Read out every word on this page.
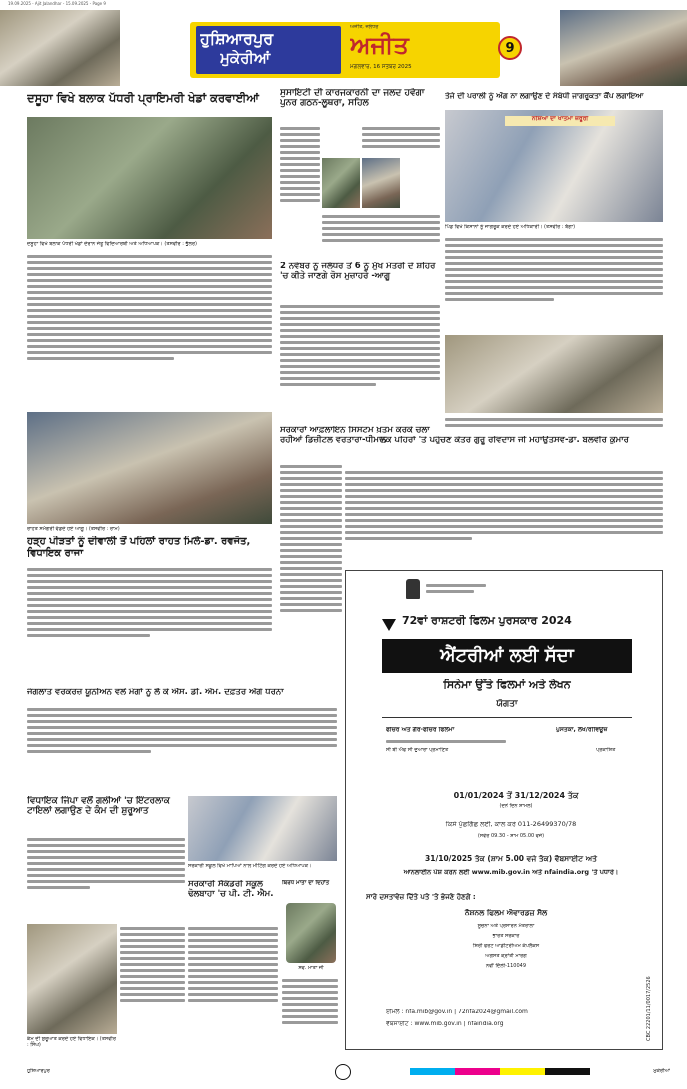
19.09.2025 - Ajit Jalandhar - 15.09.2025 - Page 9
ਹੁਸ਼ਿਆਰਪੁਰ
ਮੁਕੇਰੀਆਂ
ਅਜੀਤ, ਜਲੰਧਰ
ਅਜੀਤ
ਮੰਗਲਵਾਰ, 16 ਸਤੰਬਰ 2025
9
ਦਸੂਹਾ ਵਿਖੇ ਬਲਾਕ ਪੱਧਰੀ ਪ੍ਰਾਇਮਰੀ ਖੇਡਾਂ ਕਰਵਾਈਆਂ
ਦਸੂਹਾ ਵਿਖੇ ਬਲਾਕ ਪੱਧਰੀ ਖੇਡਾਂ ਦੌਰਾਨ ਜੇਤੂ ਵਿਦਿਆਰਥੀ ਅਤੇ ਅਧਿਆਪਕ। (ਤਸਵੀਰ : ਭੁੱਲਰ)
ਰਾਹਤ ਸਮੱਗਰੀ ਵੰਡਦੇ ਹੋਏ ਆਗੂ। (ਤਸਵੀਰ : ਰਾਮ)
ਹੜ੍ਹ ਪੀੜਤਾਂ ਨੂੰ ਦੀਵਾਲੀ ਤੋਂ ਪਹਿਲਾਂ ਰਾਹਤ ਮਿਲੇ-ਡਾ. ਰਵਜੋਤ, ਵਿਧਾਇਕ ਰਾਜਾ
ਜੰਗਲਾਤ ਵਰਕਰਜ਼ ਯੂਨੀਅਨ ਵਲੋਂ ਮੰਗਾਂ ਨੂੰ ਲੈ ਕੇ ਐੱਸ. ਡੀ. ਐਮ. ਦਫ਼ਤਰ ਅੱਗੇ ਧਰਨਾ
ਵਿਧਾਇਕ ਜਿੰਪਾ ਵਲੋਂ ਗਲੀਆਂ 'ਚ ਇੰਟਰਲਾਕ ਟਾਇਲਾਂ ਲਗਾਉਣ ਦੇ ਕੰਮ ਦੀ ਸ਼ੁਰੂਆਤ
ਕੰਮ ਦੀ ਸ਼ੁਰੂਆਤ ਕਰਦੇ ਹੋਏ ਵਿਧਾਇਕ। (ਤਸਵੀਰ : ਸਿੰਘ)
ਸਰਕਾਰੀ ਸਕੂਲ ਵਿਖੇ ਮਾਪਿਆਂ ਨਾਲ ਮੀਟਿੰਗ ਕਰਦੇ ਹੋਏ ਅਧਿਆਪਕ।
ਸਰਕਾਰੀ ਸੈਕੰਡਰੀ ਸਕੂਲ ਢੋਲਬਾਹਾ 'ਚ ਪੀ. ਟੀ. ਐਮ.
ਬਿਰਧ ਮਾਤਾ ਦਾ ਦਿਹਾਂਤ
ਸਵ. ਮਾਤਾ ਜੀ
ਸੁਸਾਇਟੀ ਦੀ ਕਾਰਜਕਾਰਨੀ ਦਾ ਜਲਦ ਹਵੇਗਾ ਪੁਨਰ ਗਠਨ-ਲੂਥਰਾ, ਸਹਿਲ
2 ਨਵੰਬਰ ਨੂੰ ਜਲੰਧਰ ਤੋਂ 6 ਨੂੰ ਮੁੱਖ ਮੰਤਰੀ ਦੇ ਸ਼ਹਿਰ 'ਚ ਕੀਤੇ ਜਾਣਗੇ ਰੋਸ ਮੁਜ਼ਾਹਰੇ -ਆਗੂ
ਸਰਕਾਰਾਂ ਆਫ਼ਲਾਇਨ ਸਿਸਟਮ ਖ਼ਤਮ ਕਰਕੇ ਚਲਾ ਰਹੀਆਂ ਡਿਜ਼ੀਟਲ ਵਰਤਾਰਾ-ਧੀਮਾਨ
ਤੇਜੇ ਦੀ ਪਰਾਲੀ ਨੂੰ ਅੱਗ ਨਾ ਲਗਾਉਣ ਦੇ ਸੰਬੰਧੀ ਜਾਗਰੂਕਤਾ ਕੈਂਪ ਲਗਾਇਆ
ਨਸ਼ਿਆਂ ਦਾ ਖਾਤਮਾ ਜ਼ਰੂਰੀ
ਪਿੰਡ ਵਿਖੇ ਕਿਸਾਨਾਂ ਨੂੰ ਜਾਗਰੂਕ ਕਰਦੇ ਹੋਏ ਅਧਿਕਾਰੀ। (ਤਸਵੀਰ : ਬੱਗਾ)
ਲੋਕ ਪਹਿਰਾਂ 'ਤੇ ਪਹੁੰਚਣ ਕੌਤਰ ਗੁਰੂ ਰਵਿਦਾਸ ਜੀ ਮਹਾਉਤਸਵ-ਡਾ. ਬਲਵੀਰ ਕੁਮਾਰ
72ਵਾਂ ਰਾਸ਼ਟਰੀ ਫਿਲਮ ਪੁਰਸਕਾਰ 2024
ਐਂਟਰੀਆਂ ਲਈ ਸੱਦਾ
ਸਿਨੇਮਾ ਉੱਤੇ ਫਿਲਮਾਂ ਅਤੇ ਲੇਖਨ
ਯੋਗਤਾ
ਫੀਚਰ ਅਤੇ ਗੈਰ-ਫੀਚਰ ਫਿਲਮਾਂ
ਸੀ ਬੀ ਐਫ ਸੀ ਦੁਆਰਾ ਪ੍ਰਮਾਣਿਤ
ਪੁਸਤਕਾਂ, ਲੇਖ/ਰੀਵਿਊਜ਼
ਪ੍ਰਕਾਸ਼ਿਤ
01/01/2024 ਤੋਂ 31/12/2024 ਤੱਕ
(ਦੋਨੋਂ ਦਿਨ ਸ਼ਾਮਲ)
ਕਿਸੇ ਪੁੱਛਗਿੱਛ ਲਈ, ਕਾਲ ਕਰੋ 011-26499370/78
(ਸਵੇਰ 09.30 - ਸ਼ਾਮ 05.00 ਵਜੇ)
31/10/2025 ਤੱਕ (ਸ਼ਾਮ 5.00 ਵਜੇ ਤੱਕ) ਵੈਬਸਾਈਟ ਅਤੇ
ਆਨਲਾਈਨ ਪੇਸ਼ ਕਰਨ ਲਈ www.mib.gov.in ਅਤੇ nfaindia.org 'ਤੇ ਪਧਾਰੋ।
ਸਾਰੇ ਦਸਤਾਵੇਜ਼ ਦਿੱਤੇ ਪਤੇ 'ਤੇ ਭੇਜਣੇ ਹੋਣਗੇ :
ਨੈਸ਼ਨਲ ਫਿਲਮ ਐਵਾਰਡਜ਼ ਸੈਲ
ਸੂਚਨਾ ਅਤੇ ਪ੍ਰਸਾਰਨ ਮੰਤਰਾਲਾ
ਭਾਰਤ ਸਰਕਾਰ
ਸ਼ਿਰੀ ਫੋਰਟ ਆਡੀਟੋਰੀਅਮ ਕੰਪਲੈਕਸ
ਅਗਸਤ ਕ੍ਰਾਂਤੀ ਮਾਰਗ
ਨਵੀਂ ਦਿੱਲੀ-110049
ਈਮੇਲ : nfa.mib@gov.in | 72nfa2024@gmail.com
ਵੈਬਸਾਈਟ : www.mib.gov.in | nfaindia.org	CBC 22201/11/0017/2526
ਹੁਸ਼ਿਆਰਪੁਰ	ਮੁਕੇਰੀਆਂ
